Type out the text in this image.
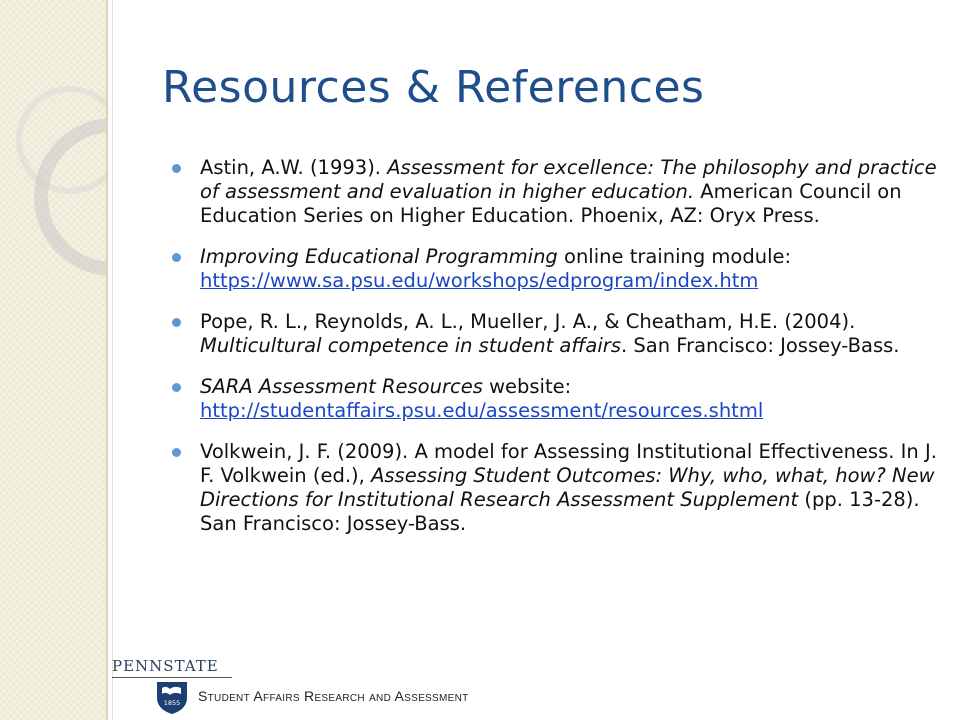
Resources & References
Astin, A.W. (1993). Assessment for excellence: The philosophy and practice of assessment and evaluation in higher education. American Council on Education Series on Higher Education. Phoenix, AZ: Oryx Press.
Improving Educational Programming online training module: https://www.sa.psu.edu/workshops/edprogram/index.htm
Pope, R. L., Reynolds, A. L., Mueller, J. A., & Cheatham, H.E. (2004). Multicultural competence in student affairs. San Francisco: Jossey-Bass.
SARA Assessment Resources website: http://studentaffairs.psu.edu/assessment/resources.shtml
Volkwein, J. F. (2009). A model for Assessing Institutional Effectiveness. In J. F. Volkwein (ed.), Assessing Student Outcomes: Why, who, what, how? New Directions for Institutional Research Assessment Supplement (pp. 13-28). San Francisco: Jossey-Bass.
PENNSTATE
1855 Student Affairs Research and Assessment
